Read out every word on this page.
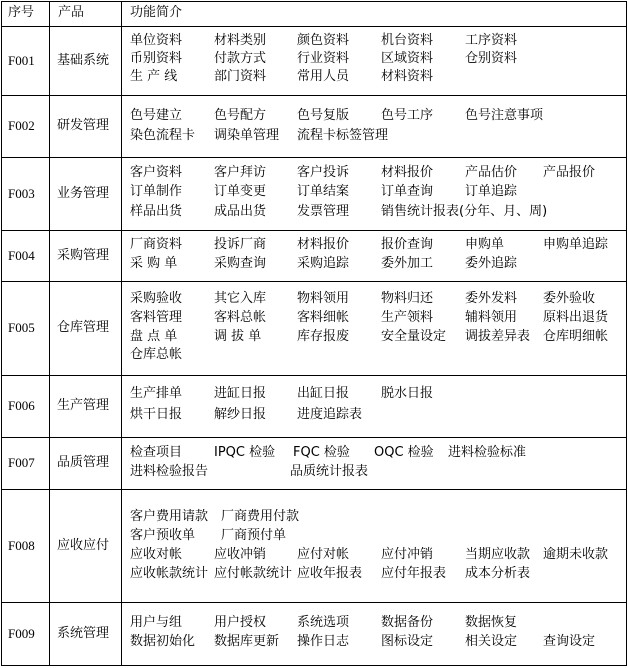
序号 产品	功能简介
F001 基础系统
单位资料 材料类别 颜色资料 机台资料 工序资料
币别资料 付款方式 行业资料 区域资料 仓别资料
生 产 线	部门资料 常用人员 材料资料
F002 研发管理
色号建立 色号配方 色号复版 色号工序 色号注意事项
染色流程卡 调染单管理 流程卡标签管理
F003 业务管理
客户资料 客户拜访 客户投诉 材料报价 产品估价 产品报价
订单制作 订单变更 订单结案 订单查询 订单追踪
样品出货 成品出货 发票管理 销售统计报表(分年、月、周)
F004 采购管理
厂商资料 投诉厂商 材料报价 报价查询 申购单	申购单追踪
采 购 单	采购查询 采购追踪 委外加工 委外追踪
F005 仓库管理
采购验收 其它入库 物料领用 物料归还 委外发料 委外验收
客料管理 客料总帐 客料细帐 生产领料 辅料领用 原料出退货
盘 点 单	调 拔 单	库存报废 安全量设定 调拔差异表 仓库明细帐
仓库总帐
F006 生产管理
生产排单 进缸日报 出缸日报 脱水日报
烘干日报 解纱日报 进度追踪表
F007 品质管理
检查项目 IPQC 检验 FQC 检验 OQC 检验 进料检验标准
进料检验报告	品质统计报表
F008 应收应付
客户费用请款 厂商费用付款
客户预收单 厂商预付单
应收对帐 应收冲销 应付对帐 应付冲销 当期应收款 逾期未收款
应收帐款统计 应付帐款统计 应收年报表 应付年报表 成本分析表
F009 系统管理
用户与组 用户授权 系统选项 数据备份 数据恢复
数据初始化 数据库更新 操作日志 图标设定 相关设定 查询设定
